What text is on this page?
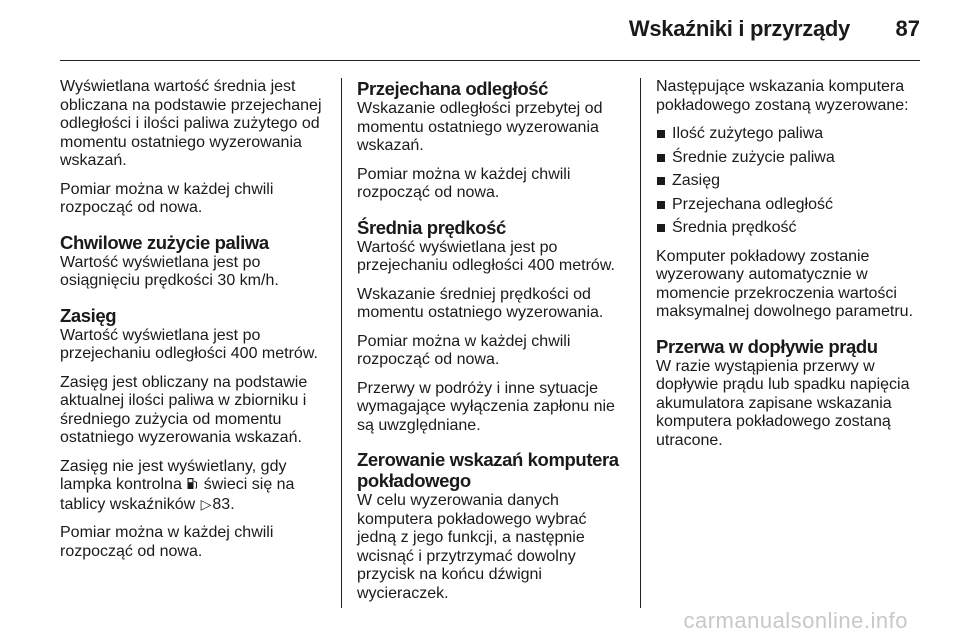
Wskaźniki i przyrządy 87

Wyświetlana wartość średnia jest obliczana na podstawie przejechanej odległości i ilości paliwa zużytego od momentu ostatniego wyzerowania wskazań.

Pomiar można w każdej chwili rozpocząć od nowa.

Chwilowe zużycie paliwa

Wartość wyświetlana jest po osiągnięciu prędkości 30 km/h.

Zasięg

Wartość wyświetlana jest po przejechaniu odległości 400 metrów.

Zasięg jest obliczany na podstawie aktualnej ilości paliwa w zbiorniku i średniego zużycia od momentu ostatniego wyzerowania wskazań.

Zasięg nie jest wyświetlany, gdy lampka kontrolna świeci się na tablicy wskaźników ▷83.

Pomiar można w każdej chwili rozpocząć od nowa.

Przejechana odległość

Wskazanie odległości przebytej od momentu ostatniego wyzerowania wskazań.

Pomiar można w każdej chwili rozpocząć od nowa.

Średnia prędkość

Wartość wyświetlana jest po przejechaniu odległości 400 metrów.

Wskazanie średniej prędkości od momentu ostatniego wyzerowania.

Pomiar można w każdej chwili rozpocząć od nowa.

Przerwy w podróży i inne sytuacje wymagające wyłączenia zapłonu nie są uwzględniane.

Zerowanie wskazań komputera pokładowego

W celu wyzerowania danych komputera pokładowego wybrać jedną z jego funkcji, a następnie wcisnąć i przytrzymać dowolny przycisk na końcu dźwigni wycieraczek.

Następujące wskazania komputera pokładowego zostaną wyzerowane:

Ilość zużytego paliwa
Średnie zużycie paliwa
Zasięg
Przejechana odległość
Średnia prędkość

Komputer pokładowy zostanie wyzerowany automatycznie w momencie przekroczenia wartości maksymalnej dowolnego parametru.

Przerwa w dopływie prądu

W razie wystąpienia przerwy w dopływie prądu lub spadku napięcia akumulatora zapisane wskazania komputera pokładowego zostaną utracone.

carmanualsonline.info
